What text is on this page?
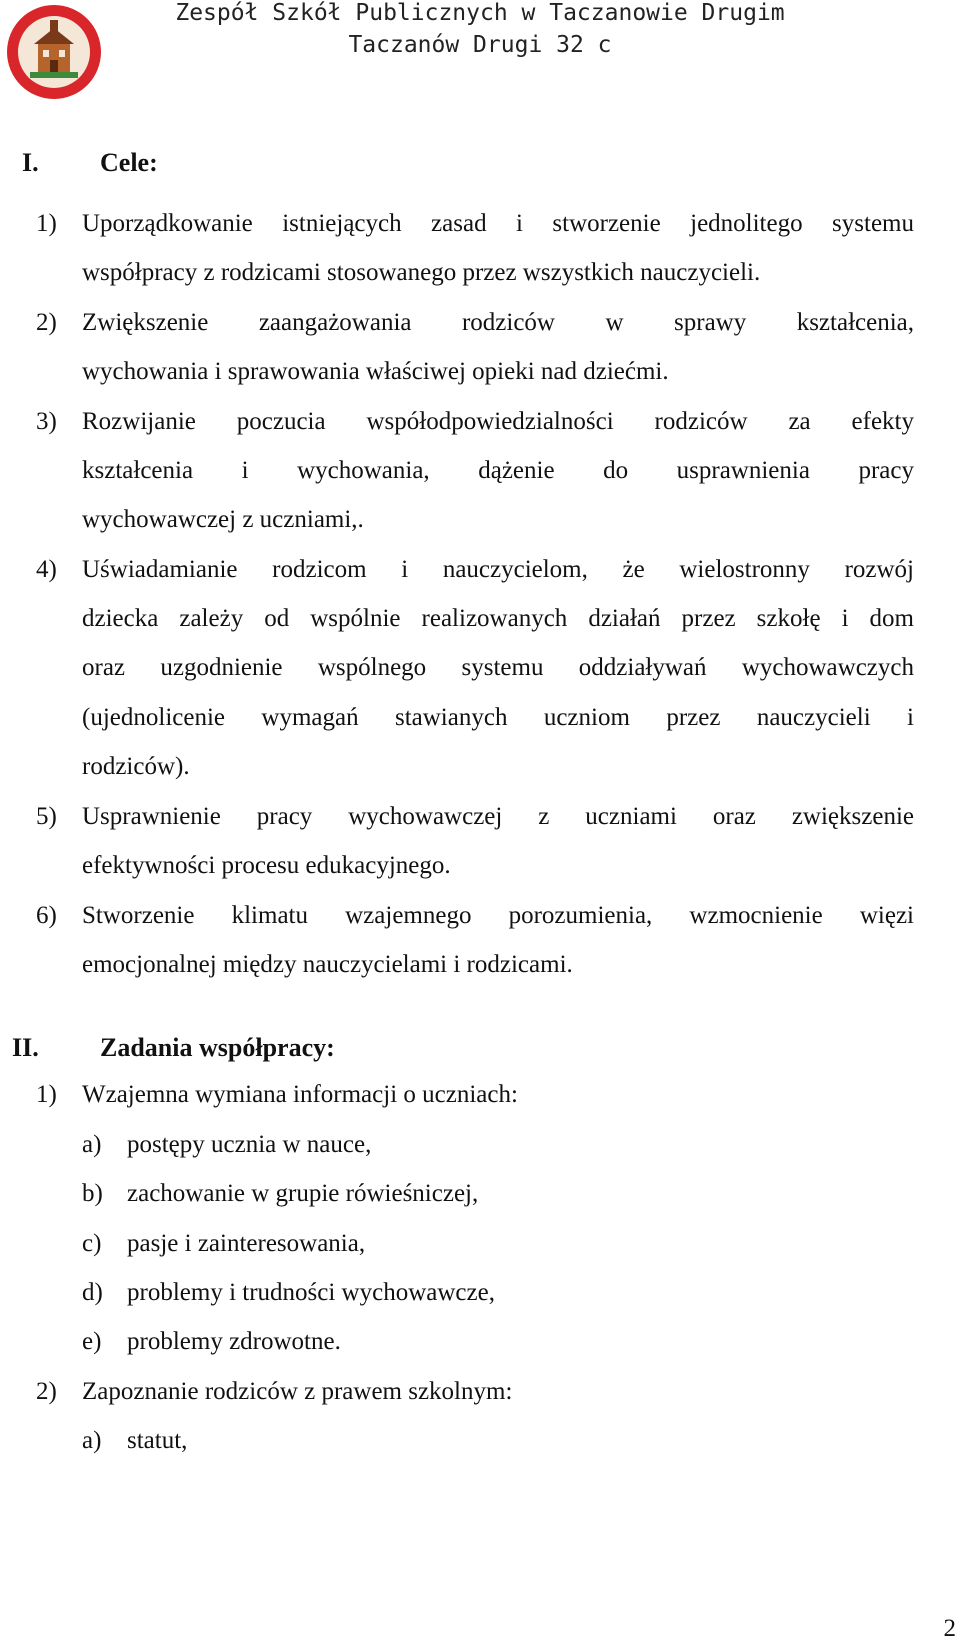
Zespół Szkół Publicznych w Taczanowie Drugim
Taczanów Drugi 32 c
I. Cele:
1) Uporządkowanie istniejących zasad i stworzenie jednolitego systemu
współpracy z rodzicami stosowanego przez wszystkich nauczycieli.
2) Zwiększenie zaangażowania rodziców w sprawy kształcenia,
wychowania i sprawowania właściwej opieki nad dziećmi.
3) Rozwijanie poczucia współodpowiedzialności rodziców za efekty
kształcenia i wychowania, dążenie do usprawnienia pracy
wychowawczej z uczniami,.
4) Uświadamianie rodzicom i nauczycielom, że wielostronny rozwój
dziecka zależy od wspólnie realizowanych działań przez szkołę i dom
oraz uzgodnienie wspólnego systemu oddziaływań wychowawczych
(ujednolicenie wymagań stawianych uczniom przez nauczycieli i
rodziców).
5) Usprawnienie pracy wychowawczej z uczniami oraz zwiększenie
efektywności procesu edukacyjnego.
6) Stworzenie klimatu wzajemnego porozumienia, wzmocnienie więzi
emocjonalnej między nauczycielami i rodzicami.
II. Zadania współpracy:
1) Wzajemna wymiana informacji o uczniach:
a) postępy ucznia w nauce,
b) zachowanie w grupie rówieśniczej,
c) pasje i zainteresowania,
d) problemy i trudności wychowawcze,
e) problemy zdrowotne.
2) Zapoznanie rodziców z prawem szkolnym:
a) statut,
2
